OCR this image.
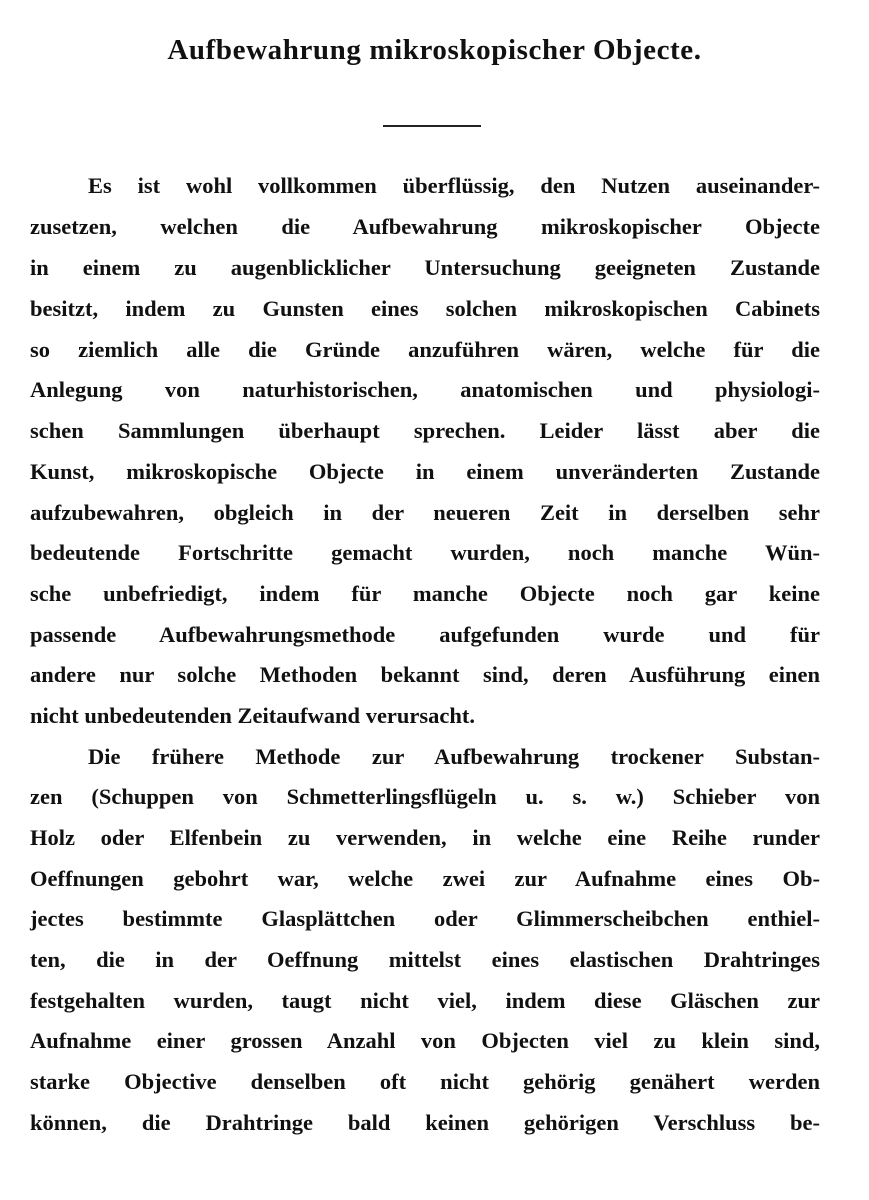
Aufbewahrung mikroskopischer Objecte.
Es ist wohl vollkommen überflüssig, den Nutzen auseinander-
zusetzen, welchen die Aufbewahrung mikroskopischer Objecte
in einem zu augenblicklicher Untersuchung geeigneten Zustande
besitzt, indem zu Gunsten eines solchen mikroskopischen Cabinets
so ziemlich alle die Gründe anzuführen wären, welche für die
Anlegung von naturhistorischen, anatomischen und physiologi-
schen Sammlungen überhaupt sprechen. Leider lässt aber die
Kunst, mikroskopische Objecte in einem unveränderten Zustande
aufzubewahren, obgleich in der neueren Zeit in derselben sehr
bedeutende Fortschritte gemacht wurden, noch manche Wün-
sche unbefriedigt, indem für manche Objecte noch gar keine
passende Aufbewahrungsmethode aufgefunden wurde und für
andere nur solche Methoden bekannt sind, deren Ausführung einen
nicht unbedeutenden Zeitaufwand verursacht.
Die frühere Methode zur Aufbewahrung trockener Substan-
zen (Schuppen von Schmetterlingsflügeln u. s. w.) Schieber von
Holz oder Elfenbein zu verwenden, in welche eine Reihe runder
Oeffnungen gebohrt war, welche zwei zur Aufnahme eines Ob-
jectes bestimmte Glasplättchen oder Glimmerscheibchen enthiel-
ten, die in der Oeffnung mittelst eines elastischen Drahtringes
festgehalten wurden, taugt nicht viel, indem diese Gläschen zur
Aufnahme einer grossen Anzahl von Objecten viel zu klein sind,
starke Objective denselben oft nicht gehörig genähert werden
können, die Drahtringe bald keinen gehörigen Verschluss be-
